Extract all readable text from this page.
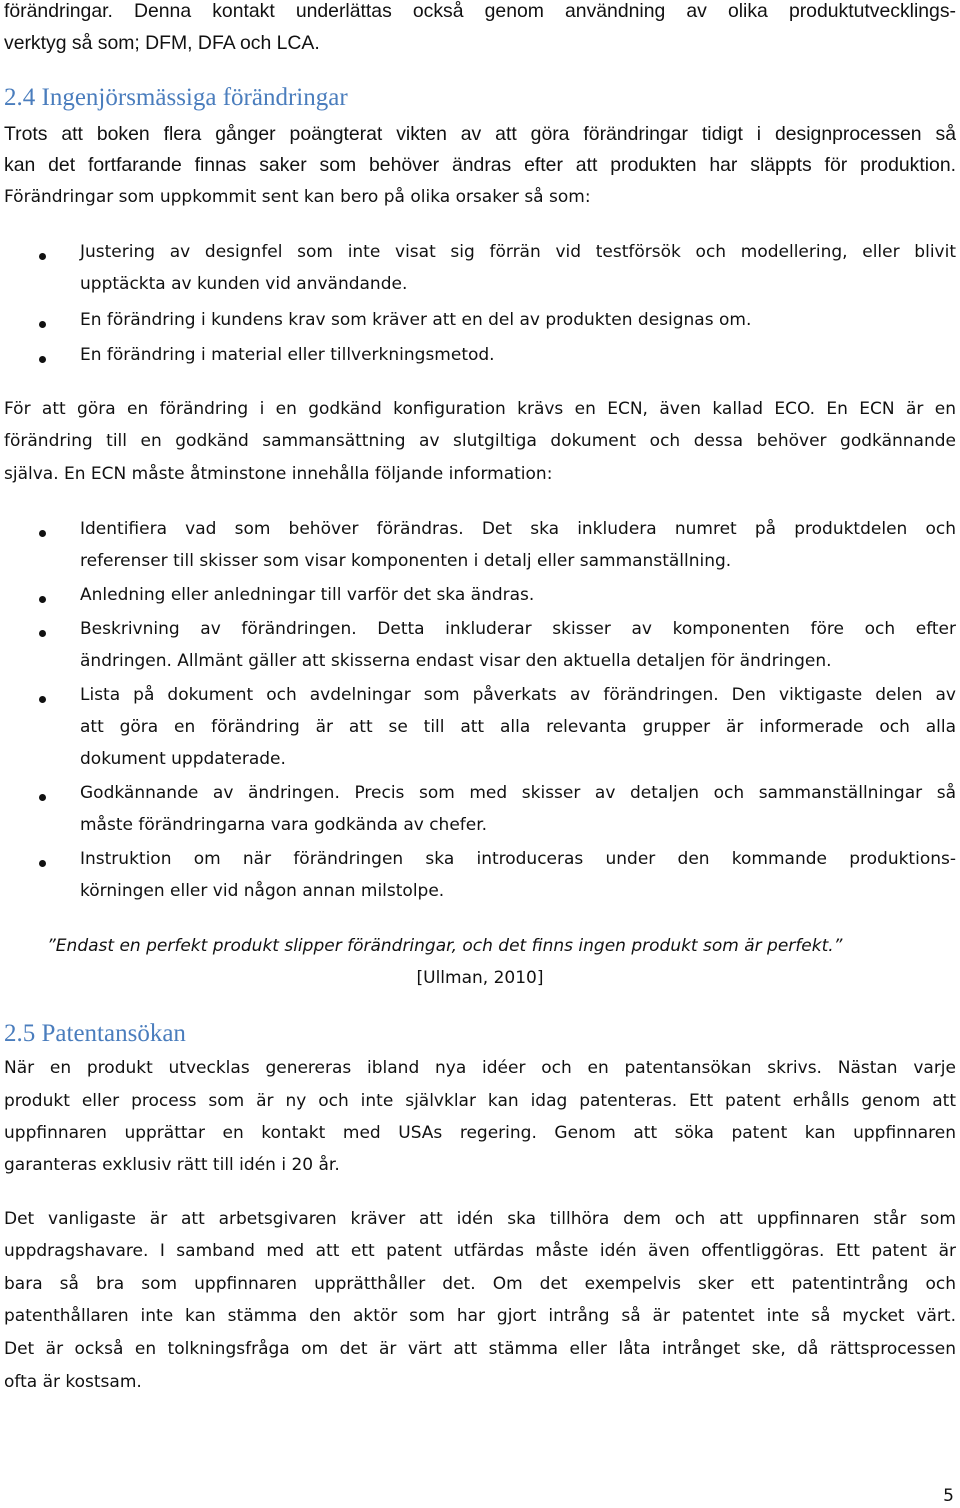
förändringar. Denna kontakt underlättas också genom användning av olika produktutvecklings-
verktyg så som; DFM, DFA och LCA.
2.4 Ingenjörsmässiga förändringar
Trots att boken flera gånger poängterat vikten av att göra förändringar tidigt i designprocessen så
kan det fortfarande finnas saker som behöver ändras efter att produkten har släppts för produktion.
Förändringar som uppkommit sent kan bero på olika orsaker så som:
Justering av designfel som inte visat sig förrän vid testförsök och modellering, eller blivit
upptäckta av kunden vid användande.
En förändring i kundens krav som kräver att en del av produkten designas om.
En förändring i material eller tillverkningsmetod.
För att göra en förändring i en godkänd konfiguration krävs en ECN, även kallad ECO. En ECN är en
förändring till en godkänd sammansättning av slutgiltiga dokument och dessa behöver godkännande
själva. En ECN måste åtminstone innehålla följande information:
Identifiera vad som behöver förändras. Det ska inkludera numret på produktdelen och
referenser till skisser som visar komponenten i detalj eller sammanställning.
Anledning eller anledningar till varför det ska ändras.
Beskrivning av förändringen. Detta inkluderar skisser av komponenten före och efter
ändringen. Allmänt gäller att skisserna endast visar den aktuella detaljen för ändringen.
Lista på dokument och avdelningar som påverkats av förändringen. Den viktigaste delen av
att göra en förändring är att se till att alla relevanta grupper är informerade och alla
dokument uppdaterade.
Godkännande av ändringen. Precis som med skisser av detaljen och sammanställningar så
måste förändringarna vara godkända av chefer.
Instruktion om när förändringen ska introduceras under den kommande produktions-
körningen eller vid någon annan milstolpe.
”Endast en perfekt produkt slipper förändringar, och det finns ingen produkt som är perfekt.”
[Ullman, 2010]
2.5 Patentansökan
När en produkt utvecklas genereras ibland nya idéer och en patentansökan skrivs. Nästan varje
produkt eller process som är ny och inte självklar kan idag patenteras. Ett patent erhålls genom att
uppfinnaren upprättar en kontakt med USAs regering. Genom att söka patent kan uppfinnaren
garanteras exklusiv rätt till idén i 20 år.
Det vanligaste är att arbetsgivaren kräver att idén ska tillhöra dem och att uppfinnaren står som
uppdragshavare. I samband med att ett patent utfärdas måste idén även offentliggöras. Ett patent är
bara så bra som uppfinnaren upprätthåller det. Om det exempelvis sker ett patentintrång och
patenthållaren inte kan stämma den aktör som har gjort intrång så är patentet inte så mycket värt.
Det är också en tolkningsfråga om det är värt att stämma eller låta intrånget ske, då rättsprocessen
ofta är kostsam.
5
